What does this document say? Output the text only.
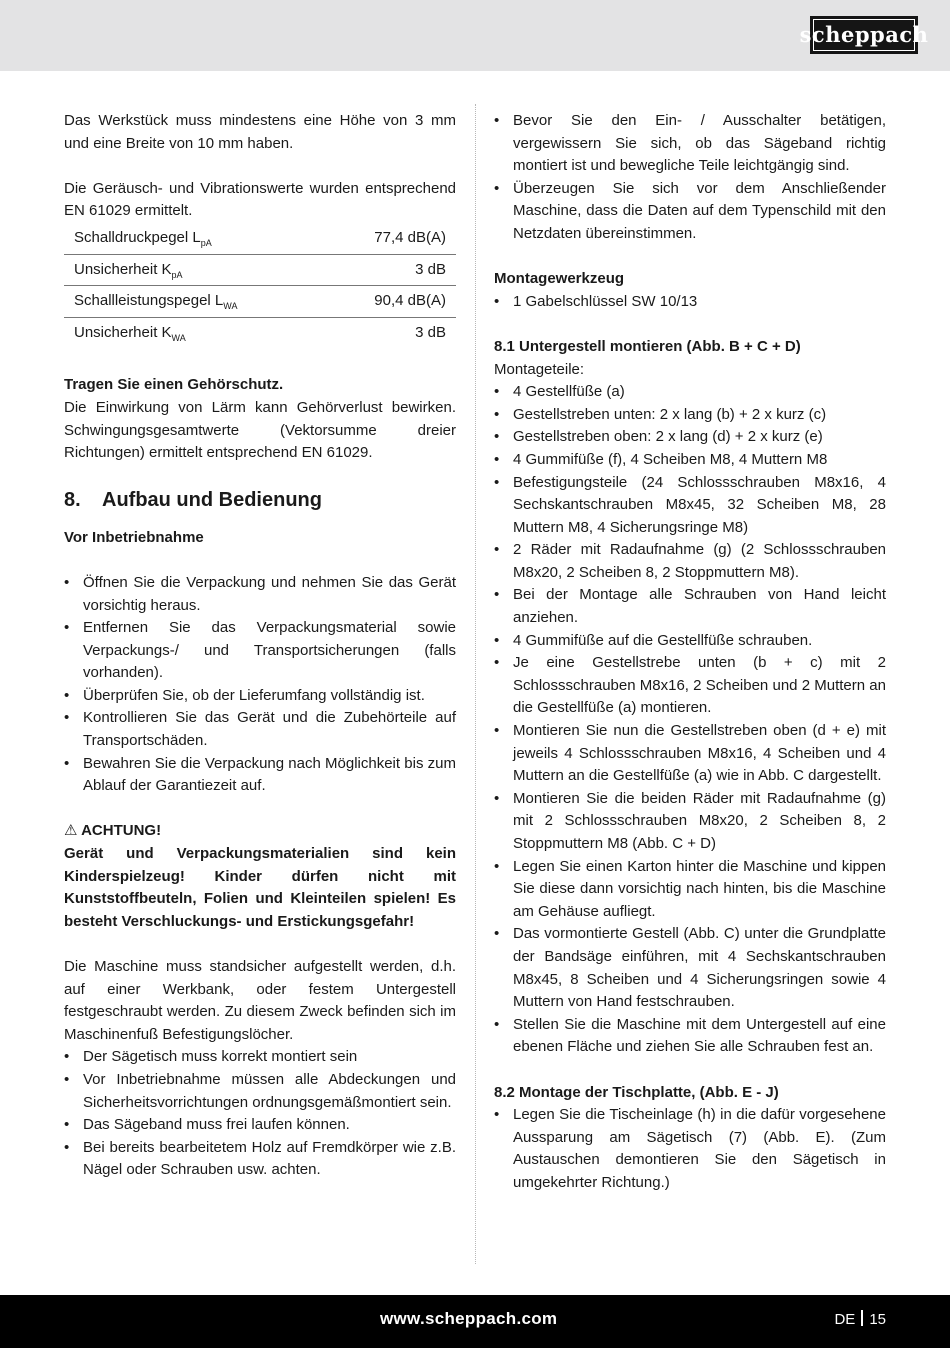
scheppach

Das Werkstück muss mindestens eine Höhe von 3 mm und eine Breite von 10 mm haben.

Die Geräusch- und Vibrationswerte wurden entsprechend EN 61029 ermittelt.

Schalldruckpegel $L_{pA}$	77,4 dB(A)
Unsicherheit $K_{pA}$	3 dB
Schallleistungspegel $L_{WA}$	90,4 dB(A)
Unsicherheit $K_{WA}$	3 dB

Tragen Sie einen Gehörschutz.

Die Einwirkung von Lärm kann Gehörverlust bewirken. Schwingungsgesamtwerte (Vektorsumme dreier Richtungen) ermittelt entsprechend EN 61029.

8. Aufbau und Bedienung

Vor Inbetriebnahme

• Öffnen Sie die Verpackung und nehmen Sie das Gerät vorsichtig heraus.
• Entfernen Sie das Verpackungsmaterial sowie Verpackungs-/ und Transportsicherungen (falls vorhanden).
• Überprüfen Sie, ob der Lieferumfang vollständig ist.
• Kontrollieren Sie das Gerät und die Zubehörteile auf Transportschäden.
• Bewahren Sie die Verpackung nach Möglichkeit bis zum Ablauf der Garantiezeit auf.

⚠ ACHTUNG!

Gerät und Verpackungsmaterialien sind kein Kinderspielzeug! Kinder dürfen nicht mit Kunststoffbeuteln, Folien und Kleinteilen spielen! Es besteht Verschluckungs- und Erstickungsgefahr!

Die Maschine muss standsicher aufgestellt werden, d.h. auf einer Werkbank, oder festem Untergestell festgeschraubt werden. Zu diesem Zweck befinden sich im Maschinenfuß Befestigungslöcher.

• Der Sägetisch muss korrekt montiert sein
• Vor Inbetriebnahme müssen alle Abdeckungen und Sicherheitsvorrichtungen ordnungsgemäßmontiert sein.
• Das Sägeband muss frei laufen können.
• Bei bereits bearbeitetem Holz auf Fremdkörper wie z.B. Nägel oder Schrauben usw. achten.
• Bevor Sie den Ein- / Ausschalter betätigen, vergewissern Sie sich, ob das Sägeband richtig montiert ist und bewegliche Teile leichtgängig sind.
• Überzeugen Sie sich vor dem Anschließender Maschine, dass die Daten auf dem Typenschild mit den Netzdaten übereinstimmen.

Montagewerkzeug

• 1 Gabelschlüssel SW 10/13

8.1 Untergestell montieren (Abb. B + C + D)

Montageteile:

• 4 Gestellfüße (a)
• Gestellstreben unten: 2 x lang (b) + 2 x kurz (c)
• Gestellstreben oben: 2 x lang (d) + 2 x kurz (e)
• 4 Gummifüße (f), 4 Scheiben M8, 4 Muttern M8
• Befestigungsteile (24 Schlossschrauben M8x16, 4 Sechskantschrauben M8x45, 32 Scheiben M8, 28 Muttern M8, 4 Sicherungsringe M8)
• 2 Räder mit Radaufnahme (g) (2 Schlossschrauben M8x20, 2 Scheiben 8, 2 Stoppmuttern M8).
• Bei der Montage alle Schrauben von Hand leicht anziehen.
• 4 Gummifüße auf die Gestellfüße schrauben.
• Je eine Gestellstrebe unten (b + c) mit 2 Schlossschrauben M8x16, 2 Scheiben und 2 Muttern an die Gestellfüße (a) montieren.
• Montieren Sie nun die Gestellstreben oben (d + e) mit jeweils 4 Schlossschrauben M8x16, 4 Scheiben und 4 Muttern an die Gestellfüße (a) wie in Abb. C dargestellt.
• Montieren Sie die beiden Räder mit Radaufnahme (g) mit 2 Schlossschrauben M8x20, 2 Scheiben 8, 2 Stoppmuttern M8 (Abb. C + D)
• Legen Sie einen Karton hinter die Maschine und kippen Sie diese dann vorsichtig nach hinten, bis die Maschine am Gehäuse aufliegt.
• Das vormontierte Gestell (Abb. C) unter die Grundplatte der Bandsäge einführen, mit 4 Sechskantschrauben M8x45, 8 Scheiben und 4 Sicherungsringen sowie 4 Muttern von Hand festschrauben.
• Stellen Sie die Maschine mit dem Untergestell auf eine ebenen Fläche und ziehen Sie alle Schrauben fest an.

8.2 Montage der Tischplatte, (Abb. E - J)

• Legen Sie die Tischeinlage (h) in die dafür vorgesehene Aussparung am Sägetisch (7) (Abb. E). (Zum Austauschen demontieren Sie den Sägetisch in umgekehrter Richtung.)
www.scheppach.com	DE 15
